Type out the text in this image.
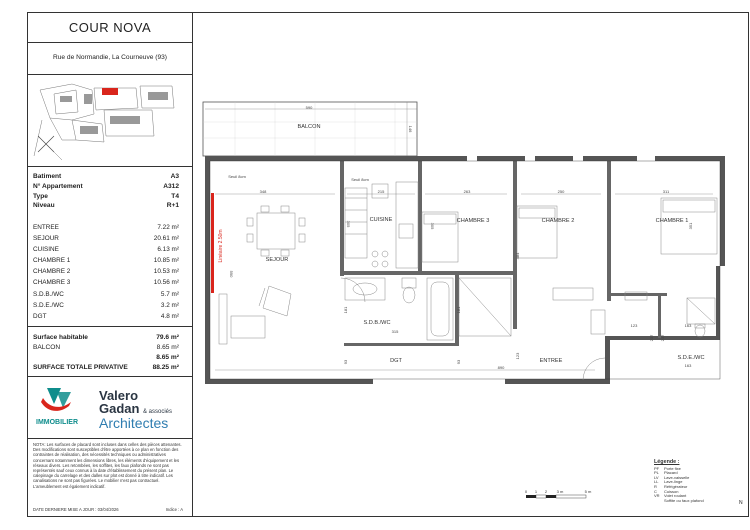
COUR NOVA
Rue de Normandie, La Courneuve (93)
Batiment	A3
N° Appartement	A312
Type	T4
Niveau	R+1
ENTREE	7.22 m²
SEJOUR	20.61 m²
CUISINE	6.13 m²
CHAMBRE 1	10.85 m²
CHAMBRE 2	10.53 m²
CHAMBRE 3	10.56 m²
S.D.B./WC	5.7 m²
S.D.E./WC	3.2 m²
DGT	4.8 m²
Surface habitable	79.6 m²
BALCON	8.65 m²
8.65 m²
SURFACE TOTALE PRIVATIVE	88.25 m²
IMMOBILIER
Valero
Gadan & associés
Architectes
NOTA: Les surfaces de placard sont incluses dans celles des pièces attenantes. Des modifications sont susceptibles d'être apportées à ce plan en fonction des contraintes de réalisation, des nécessités techniques ou administratives concernant notamment les dimensions libres, les éléments d'équipement et les réseaux divers. Les retombées, les soffites, les faux plafonds ne sont pas représentés sauf ceux connus à la date d'établissement du présent plan. Le calepinage du carrelage et des dalles sur plot est donné à titre indicatif. Les canalisations ne sont pas figurées. Le mobilier n'est pas contractuel. L'ameublement est également indicatif.
DATE DERNIERE MISE A JOUR : 03/04/2026	Indice : A
BALCON
SEJOUR
CUISINE	CHAMBRE 3	CHAMBRE 2	CHAMBRE 1
S.D.B./WC
S.D.E./WC
DGT	ENTREE
Seuil 8cm
Seuil 8cm
590
348	215	263	250	311
315
890
123	163
163
146
590
305	305
484
351
181	181
93	93
123
237 237
Linéaire 2.50m
Légende :
PF Porte fixe
PL Placard
LV	Lave-vaisselle
LL	Lave-linge
R	Réfrigérateur
C	Cuisson
VR Volet roulant
Soffite ou faux plafond
0 1 2 3 m	5 m
N
